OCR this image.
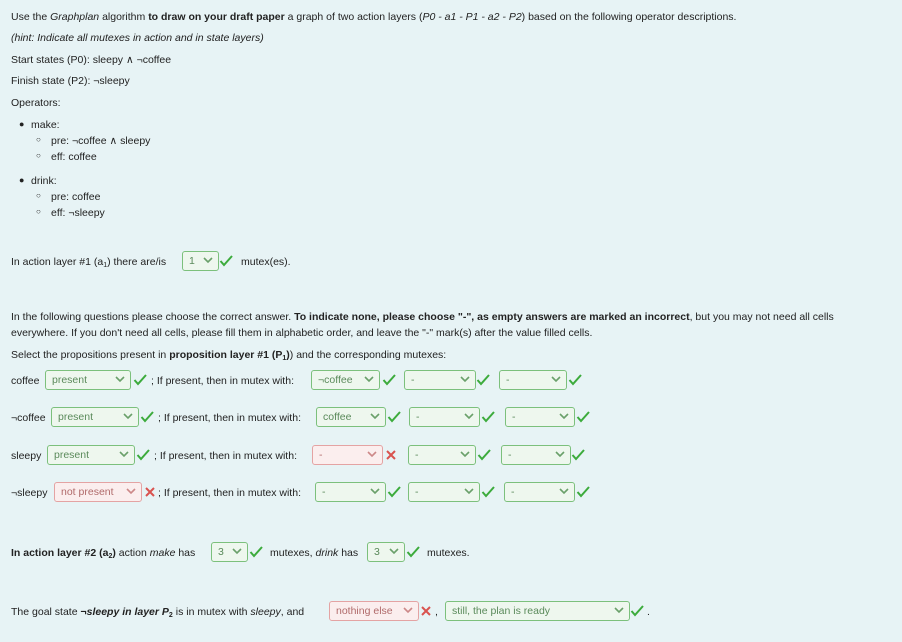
Use the Graphplan algorithm to draw on your draft paper a graph of two action layers (P0 - a1 - P1 - a2 - P2) based on the following operator descriptions.
(hint: Indicate all mutexes in action and in state layers)
Start states (P0): sleepy ∧ ¬coffee
Finish state (P2): ¬sleepy
Operators:
● make:
○ pre: ¬coffee ∧ sleepy
○ eff: coffee
● drink:
○ pre: coffee
○ eff: ¬sleepy
In action layer #1 $(a_1)$ there are/is	1	mutex(es).
In the following questions please choose the correct answer. To indicate none, please choose "-", as empty answers are marked an incorrect, but you may not need all cells everywhere. If you don't need all cells, please fill them in alphabetic order, and leave the "-" mark(s) after the value filled cells.
Select the propositions present in proposition layer #1 $(P_1)$) and the corresponding mutexes:
coffee	present	; If present, then in mutex with:	¬coffee	-	-
¬coffee	present	; If present, then in mutex with:	coffee	-	-
sleepy	present	; If present, then in mutex with:	-	-	-
¬sleepy	not present	; If present, then in mutex with:	-	-	-
In action layer #2 $(a_2)$ action make has	3	mutexes, drink has	3	mutexes.
The goal state ¬sleepy in layer $P_2$ is in mutex with sleepy, and	nothing else	,	still, the plan is ready	.
